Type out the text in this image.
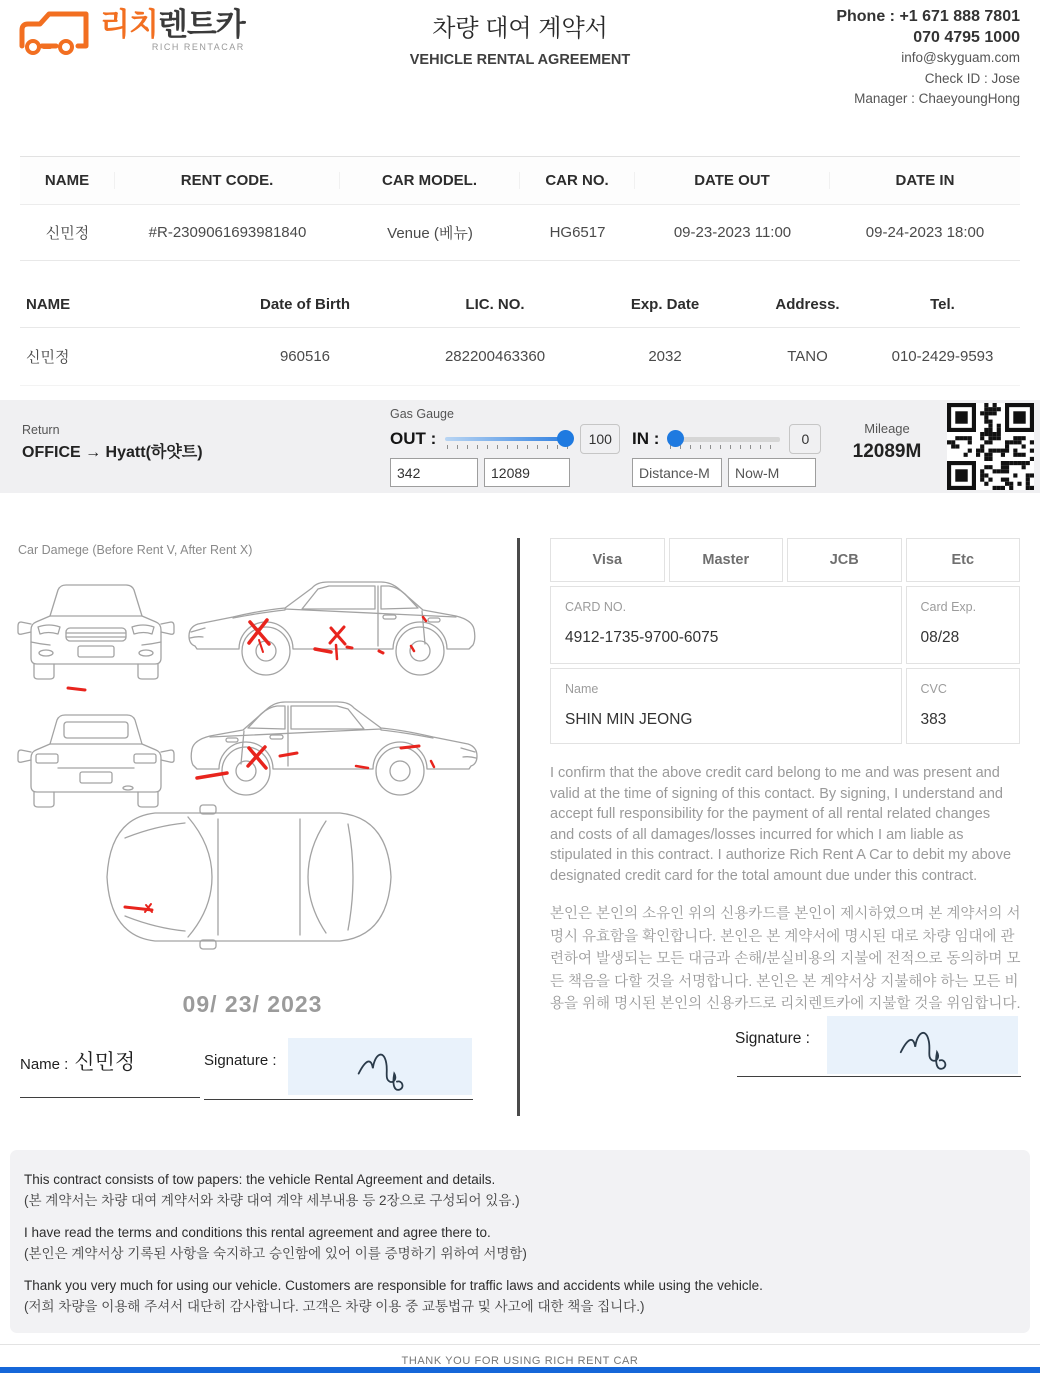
리치렌트카
RICH RENTACAR
차량 대여 계약서
VEHICLE RENTAL AGREEMENT
Phone : +1 671 888 7801
070 4795 1000
info@skyguam.com
Check ID : Jose
Manager : ChaeyoungHong
NAME	RENT CODE.	CAR MODEL.	CAR NO.	DATE OUT	DATE IN
신민정	#R-2309061693981840	Venue (베뉴)	HG6517	09-23-2023 11:00	09-24-2023 18:00
NAME	Date of Birth	LIC. NO.	Exp. Date	Address.	Tel.
신민정	960516	282200463360	2032	TANO	010-2429-9593
Return
OFFICE → Hyatt(하얏트)
Gas Gauge
OUT :	100
342
12089	IN :	0
Distance-M
Now-M
Mileage
12089M
Car Damege (Before Rent V, After Rent X)
09/ 23/ 2023
Name : 신민정	Signature :
Visa	Master	JCB	Etc
CARD NO.
4912-1735-9700-6075
Card Exp.
08/28
Name
SHIN MIN JEONG
CVC
383
I confirm that the above credit card belong to me and was present and valid at the time of signing of this contact. By signing, I understand and accept full responsibility for the payment of all rental related changes and costs of all damages/losses incurred for which I am liable as stipulated in this contract. I authorize Rich Rent A Car to debit my above designated credit card for the total amount due under this contract.
본인은 본인의 소유인 위의 신용카드를 본인이 제시하였으며 본 계약서의 서명시 유효함을 확인합니다. 본인은 본 계약서에 명시된 대로 차량 임대에 관련하여 발생되는 모든 대금과 손해/분실비용의 지불에 전적으로 동의하며 모든 책음을 다할 것을 서명합니다. 본인은 본 계약서상 지불해야 하는 모든 비용을 위해 명시된 본인의 신용카드로 리치렌트카에 지불할 것을 위임합니다.
Signature :
This contract consists of tow papers: the vehicle Rental Agreement and details.
(본 계약서는 차량 대여 계약서와 차량 대여 계약 세부내용 등 2장으로 구성되어 있음.)
I have read the terms and conditions this rental agreement and agree there to.
(본인은 계약서상 기록된 사항을 숙지하고 승인함에 있어 이를 증명하기 위하여 서명함)
Thank you very much for using our vehicle. Customers are responsible for traffic laws and accidents while using the vehicle.
(저희 차량을 이용해 주셔서 대단히 감사합니다. 고객은 차량 이용 중 교통법규 및 사고에 대한 책을 집니다.)
THANK YOU FOR USING RICH RENT CAR
